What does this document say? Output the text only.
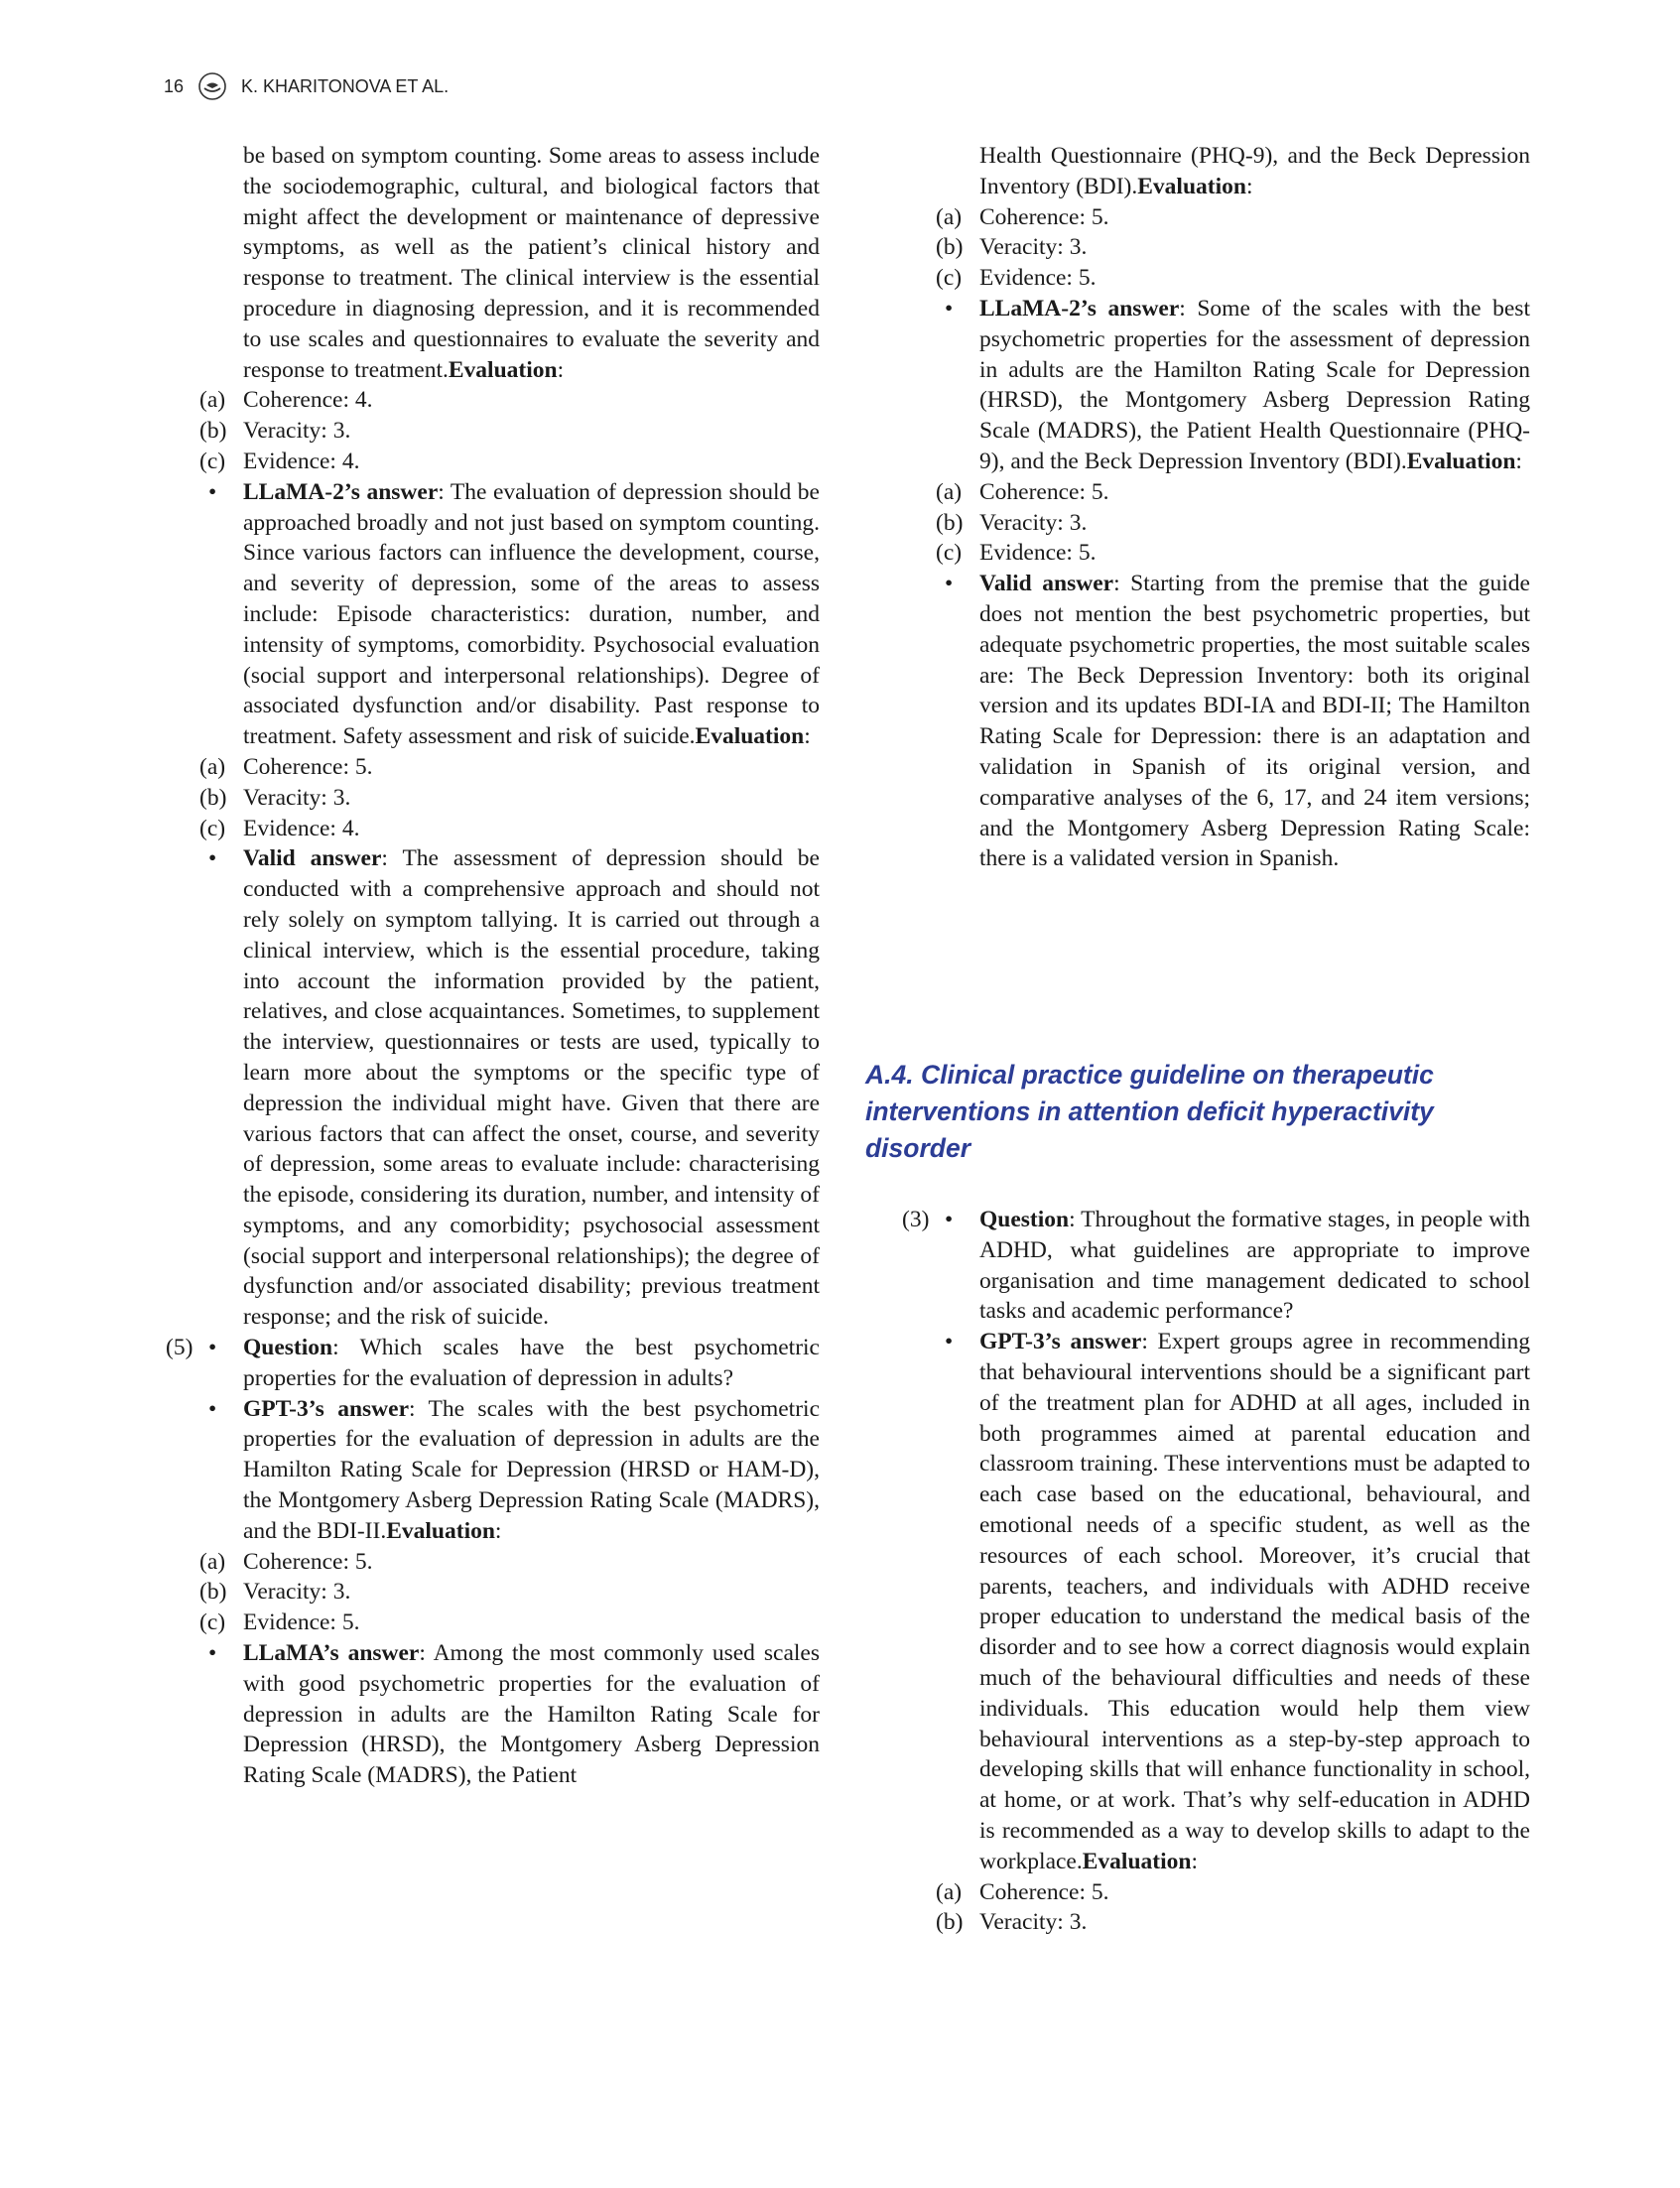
16	K. KHARITONOVA ET AL.
be based on symptom counting. Some areas to assess include the sociodemographic, cultural, and biological factors that might affect the development or maintenance of depressive symptoms, as well as the patient’s clinical history and response to treatment. The clinical interview is the essential procedure in diagnosing depression, and it is recommended to use scales and questionnaires to evaluate the severity and response to treatment.Evaluation:
(a) Coherence: 4.
(b) Veracity: 3.
(c) Evidence: 4.
• LLaMA-2’s answer: The evaluation of depression should be approached broadly and not just based on symptom counting. Since various factors can influence the development, course, and severity of depression, some of the areas to assess include: Episode characteristics: duration, number, and intensity of symptoms, comorbidity. Psychosocial evaluation (social support and interpersonal relationships). Degree of associated dysfunction and/or disability. Past response to treatment. Safety assessment and risk of suicide.Evaluation:
(a) Coherence: 5.
(b) Veracity: 3.
(c) Evidence: 4.
• Valid answer: The assessment of depression should be conducted with a comprehensive approach and should not rely solely on symptom tallying. It is carried out through a clinical interview, which is the essential procedure, taking into account the information provided by the patient, relatives, and close acquaintances. Sometimes, to supplement the interview, questionnaires or tests are used, typically to learn more about the symptoms or the specific type of depression the individual might have. Given that there are various factors that can affect the onset, course, and severity of depression, some areas to evaluate include: characterising the episode, considering its duration, number, and intensity of symptoms, and any comorbidity; psychosocial assessment (social support and interpersonal relationships); the degree of dysfunction and/or associated disability; previous treatment response; and the risk of suicide.
(5) • Question: Which scales have the best psychometric properties for the evaluation of depression in adults?
• GPT-3’s answer: The scales with the best psychometric properties for the evaluation of depression in adults are the Hamilton Rating Scale for Depression (HRSD or HAM-D), the Montgomery Asberg Depression Rating Scale (MADRS), and the BDI-II.Evaluation:
(a) Coherence: 5.
(b) Veracity: 3.
(c) Evidence: 5.
• LLaMA’s answer: Among the most commonly used scales with good psychometric properties for the evaluation of depression in adults are the Hamilton Rating Scale for Depression (HRSD), the Montgomery Asberg Depression Rating Scale (MADRS), the Patient
Health Questionnaire (PHQ-9), and the Beck Depression Inventory (BDI).Evaluation:
(a) Coherence: 5.
(b) Veracity: 3.
(c) Evidence: 5.
• LLaMA-2’s answer: Some of the scales with the best psychometric properties for the assessment of depression in adults are the Hamilton Rating Scale for Depression (HRSD), the Montgomery Asberg Depression Rating Scale (MADRS), the Patient Health Questionnaire (PHQ-9), and the Beck Depression Inventory (BDI).Evaluation:
(a) Coherence: 5.
(b) Veracity: 3.
(c) Evidence: 5.
• Valid answer: Starting from the premise that the guide does not mention the best psychometric properties, but adequate psychometric properties, the most suitable scales are: The Beck Depression Inventory: both its original version and its updates BDI-IA and BDI-II; The Hamilton Rating Scale for Depression: there is an adaptation and validation in Spanish of its original version, and comparative analyses of the 6, 17, and 24 item versions; and the Montgomery Asberg Depression Rating Scale: there is a validated version in Spanish.
A.4. Clinical practice guideline on therapeutic interventions in attention deficit hyperactivity disorder
(3) • Question: Throughout the formative stages, in people with ADHD, what guidelines are appropriate to improve organisation and time management dedicated to school tasks and academic performance?
• GPT-3’s answer: Expert groups agree in recommending that behavioural interventions should be a significant part of the treatment plan for ADHD at all ages, included in both programmes aimed at parental education and classroom training. These interventions must be adapted to each case based on the educational, behavioural, and emotional needs of a specific student, as well as the resources of each school. Moreover, it’s crucial that parents, teachers, and individuals with ADHD receive proper education to understand the medical basis of the disorder and to see how a correct diagnosis would explain much of the behavioural difficulties and needs of these individuals. This education would help them view behavioural interventions as a step-by-step approach to developing skills that will enhance functionality in school, at home, or at work. That’s why self-education in ADHD is recommended as a way to develop skills to adapt to the workplace.Evaluation:
(a) Coherence: 5.
(b) Veracity: 3.
